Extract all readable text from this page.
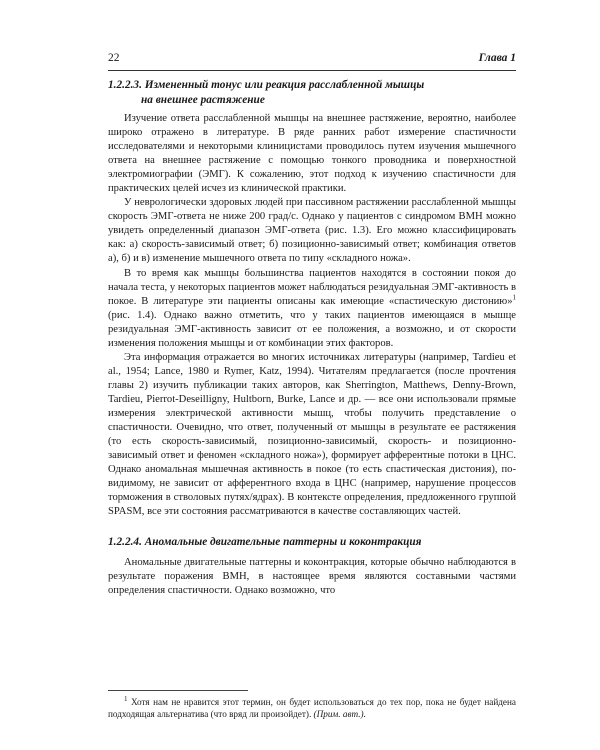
22	Глава 1
1.2.2.3. Измененный тонус или реакция расслабленной мышцы
на внешнее растяжение

Изучение ответа расслабленной мышцы на внешнее растяжение, вероятно, наиболее широко отражено в литературе. В ряде ранних работ измерение спастичности исследователями и некоторыми клиницистами проводилось путем изучения мышечного ответа на внешнее растяжение с помощью тонкого проводника и поверхностной электромиографии (ЭМГ). К сожалению, этот подход к изучению спастичности для практических целей исчез из клинической практики.

У неврологически здоровых людей при пассивном растяжении расслабленной мышцы скорость ЭМГ-ответа не ниже 200 град/с. Однако у пациентов с синдромом ВМН можно увидеть определенный диапазон ЭМГ-ответа (рис. 1.3). Его можно классифицировать как: а) скорость-зависимый ответ; б) позиционно-зависимый ответ; комбинация ответов а), б) и в) изменение мышечного ответа по типу «складного ножа».

В то время как мышцы большинства пациентов находятся в состоянии покоя до начала теста, у некоторых пациентов может наблюдаться резидуальная ЭМГ-активность в покое. В литературе эти пациенты описаны как имеющие «спастическую дистонию»$^1$ (рис. 1.4). Однако важно отметить, что у таких пациентов имеющаяся в мышце резидуальная ЭМГ-активность зависит от ее положения, а возможно, и от скорости изменения положения мышцы и от комбинации этих факторов.

Эта информация отражается во многих источниках литературы (например, Tardieu et al., 1954; Lance, 1980 и Rymer, Katz, 1994). Читателям предлагается (после прочтения главы 2) изучить публикации таких авторов, как Sherrington, Matthews, Denny-Brown, Tardieu, Pierrot-Deseilligny, Hultborn, Burke, Lance и др. — все они использовали прямые измерения электрической активности мышц, чтобы получить представление о спастичности. Очевидно, что ответ, полученный от мышцы в результате ее растяжения (то есть скорость-зависимый, позиционно-зависимый, скорость- и позиционно-зависимый ответ и феномен «складного ножа»), формирует афферентные потоки в ЦНС. Однако аномальная мышечная активность в покое (то есть спастическая дистония), по-видимому, не зависит от афферентного входа в ЦНС (например, нарушение процессов торможения в стволовых путях/ядрах). В контексте определения, предложенного группой SPASM, все эти состояния рассматриваются в качестве составляющих частей.

1.2.2.4. Аномальные двигательные паттерны и коконтракция

Аномальные двигательные паттерны и коконтракция, которые обычно наблюдаются в результате поражения ВМН, в настоящее время являются составными частями определения спастичности. Однако возможно, что

$^1$ Хотя нам не нравится этот термин, он будет использоваться до тех пор, пока не будет найдена подходящая альтернатива (что вряд ли произойдет). (Прим. авт.).
